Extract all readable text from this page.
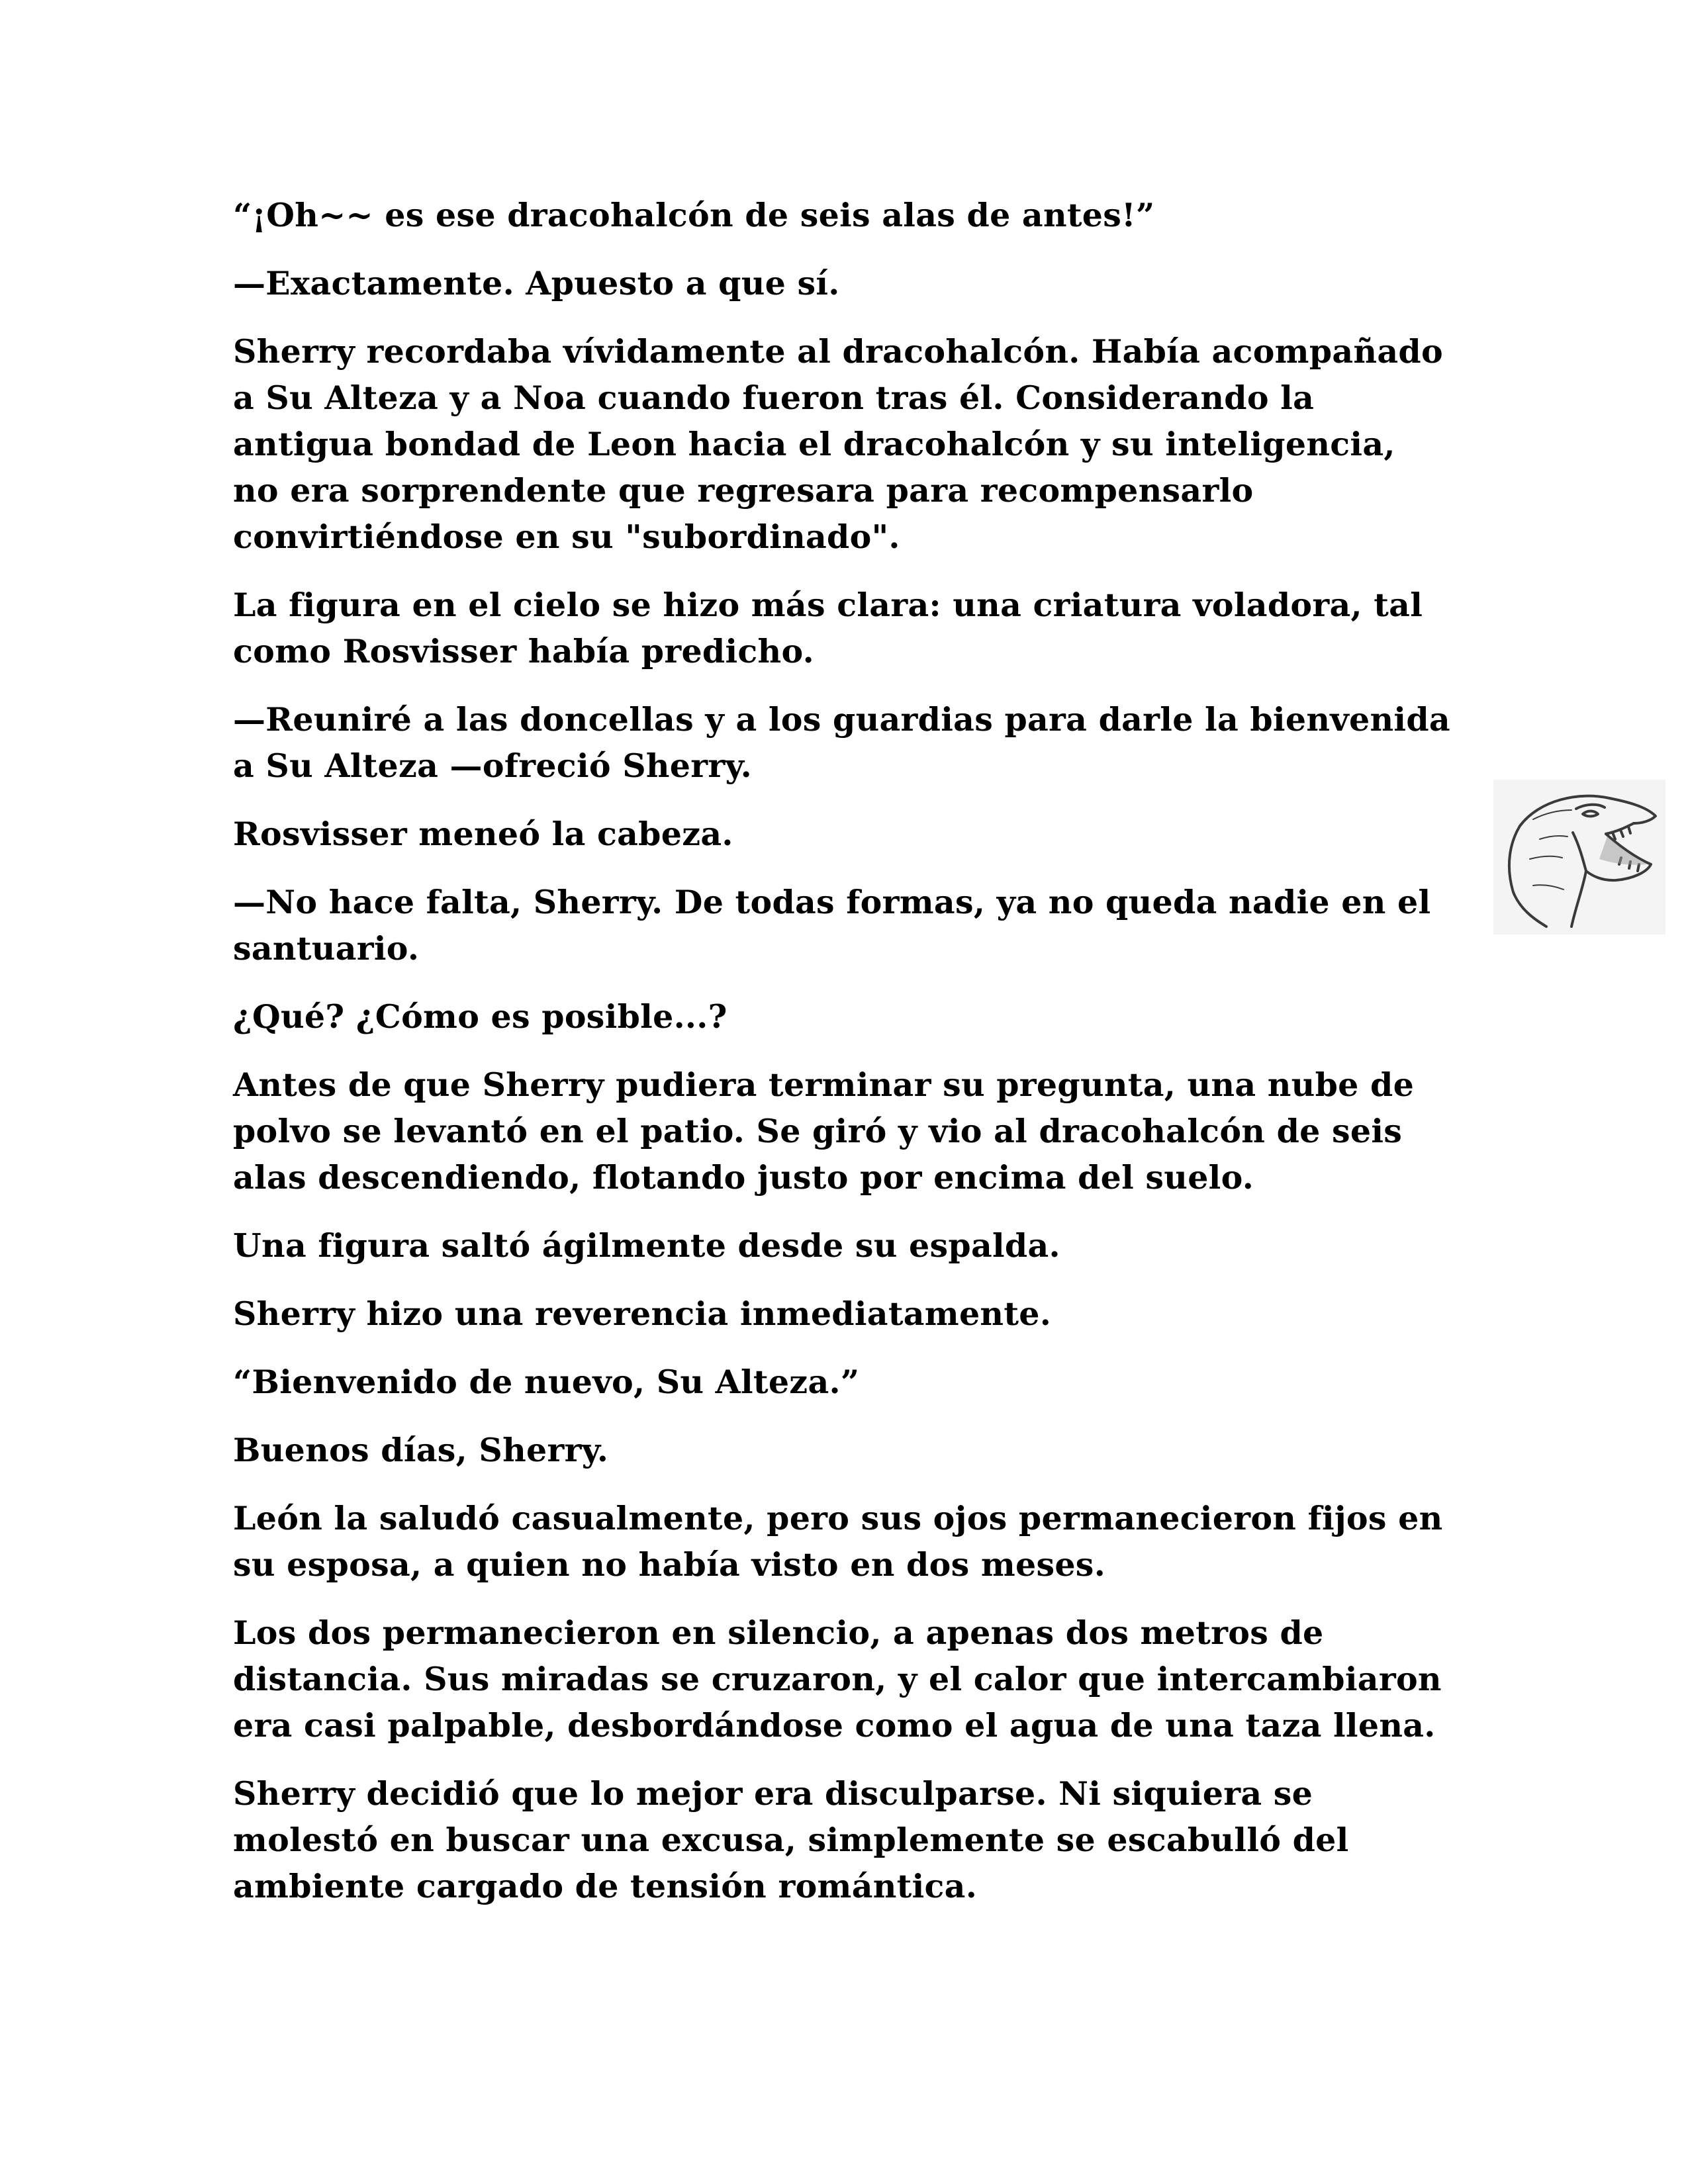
“¡Oh~~ es ese dracohalcón de seis alas de antes!”

—Exactamente. Apuesto a que sí.

Sherry recordaba vívidamente al dracohalcón. Había acompañado a Su Alteza y a Noa cuando fueron tras él. Considerando la antigua bondad de Leon hacia el dracohalcón y su inteligencia, no era sorprendente que regresara para recompensarlo convirtiéndose en su "subordinado".

La figura en el cielo se hizo más clara: una criatura voladora, tal como Rosvisser había predicho.

—Reuniré a las doncellas y a los guardias para darle la bienvenida a Su Alteza —ofreció Sherry.

Rosvisser meneó la cabeza.

—No hace falta, Sherry. De todas formas, ya no queda nadie en el santuario.

¿Qué? ¿Cómo es posible...?

Antes de que Sherry pudiera terminar su pregunta, una nube de polvo se levantó en el patio. Se giró y vio al dracohalcón de seis alas descendiendo, flotando justo por encima del suelo.

Una figura saltó ágilmente desde su espalda.

Sherry hizo una reverencia inmediatamente.

“Bienvenido de nuevo, Su Alteza.”

Buenos días, Sherry.

León la saludó casualmente, pero sus ojos permanecieron fijos en su esposa, a quien no había visto en dos meses.

Los dos permanecieron en silencio, a apenas dos metros de distancia. Sus miradas se cruzaron, y el calor que intercambiaron era casi palpable, desbordándose como el agua de una taza llena.

Sherry decidió que lo mejor era disculparse. Ni siquiera se molestó en buscar una excusa, simplemente se escabulló del ambiente cargado de tensión romántica.
